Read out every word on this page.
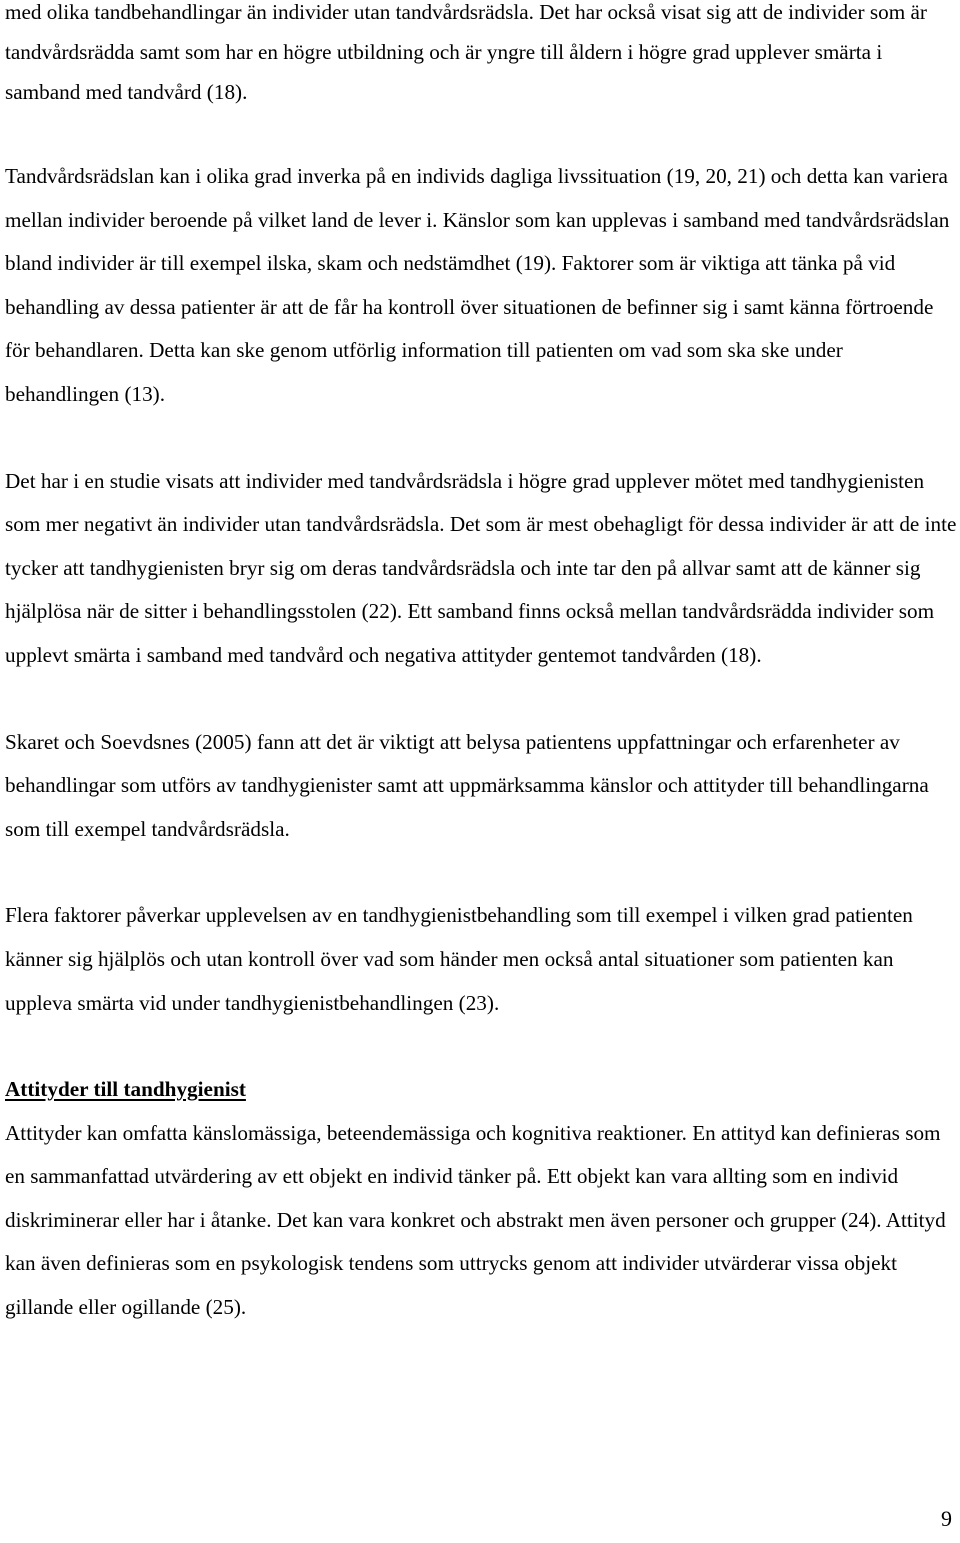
med olika tandbehandlingar än individer utan tandvårdsrädsla. Det har också visat sig att de individer som är tandvårdsrädda samt som har en högre utbildning och är yngre till åldern i högre grad upplever smärta i samband med tandvård (18).

Tandvårdsrädslan kan i olika grad inverka på en individs dagliga livssituation (19, 20, 21) och detta kan variera mellan individer beroende på vilket land de lever i. Känslor som kan upplevas i samband med tandvårdsrädslan bland individer är till exempel ilska, skam och nedstämdhet (19). Faktorer som är viktiga att tänka på vid behandling av dessa patienter är att de får ha kontroll över situationen de befinner sig i samt känna förtroende för behandlaren. Detta kan ske genom utförlig information till patienten om vad som ska ske under behandlingen (13).

Det har i en studie visats att individer med tandvårdsrädsla i högre grad upplever mötet med tandhygienisten som mer negativt än individer utan tandvårdsrädsla. Det som är mest obehagligt för dessa individer är att de inte tycker att tandhygienisten bryr sig om deras tandvårdsrädsla och inte tar den på allvar samt att de känner sig hjälplösa när de sitter i behandlingsstolen (22). Ett samband finns också mellan tandvårdsrädda individer som upplevt smärta i samband med tandvård och negativa attityder gentemot tandvården (18).

Skaret och Soevdsnes (2005) fann att det är viktigt att belysa patientens uppfattningar och erfarenheter av behandlingar som utförs av tandhygienister samt att uppmärksamma känslor och attityder till behandlingarna som till exempel tandvårdsrädsla.

Flera faktorer påverkar upplevelsen av en tandhygienistbehandling som till exempel i vilken grad patienten känner sig hjälplös och utan kontroll över vad som händer men också antal situationer som patienten kan uppleva smärta vid under tandhygienistbehandlingen (23).

Attityder till tandhygienist

Attityder kan omfatta känslomässiga, beteendemässiga och kognitiva reaktioner. En attityd kan definieras som en sammanfattad utvärdering av ett objekt en individ tänker på. Ett objekt kan vara allting som en individ diskriminerar eller har i åtanke. Det kan vara konkret och abstrakt men även personer och grupper (24). Attityd kan även definieras som en psykologisk tendens som uttrycks genom att individer utvärderar vissa objekt gillande eller ogillande (25).

9
